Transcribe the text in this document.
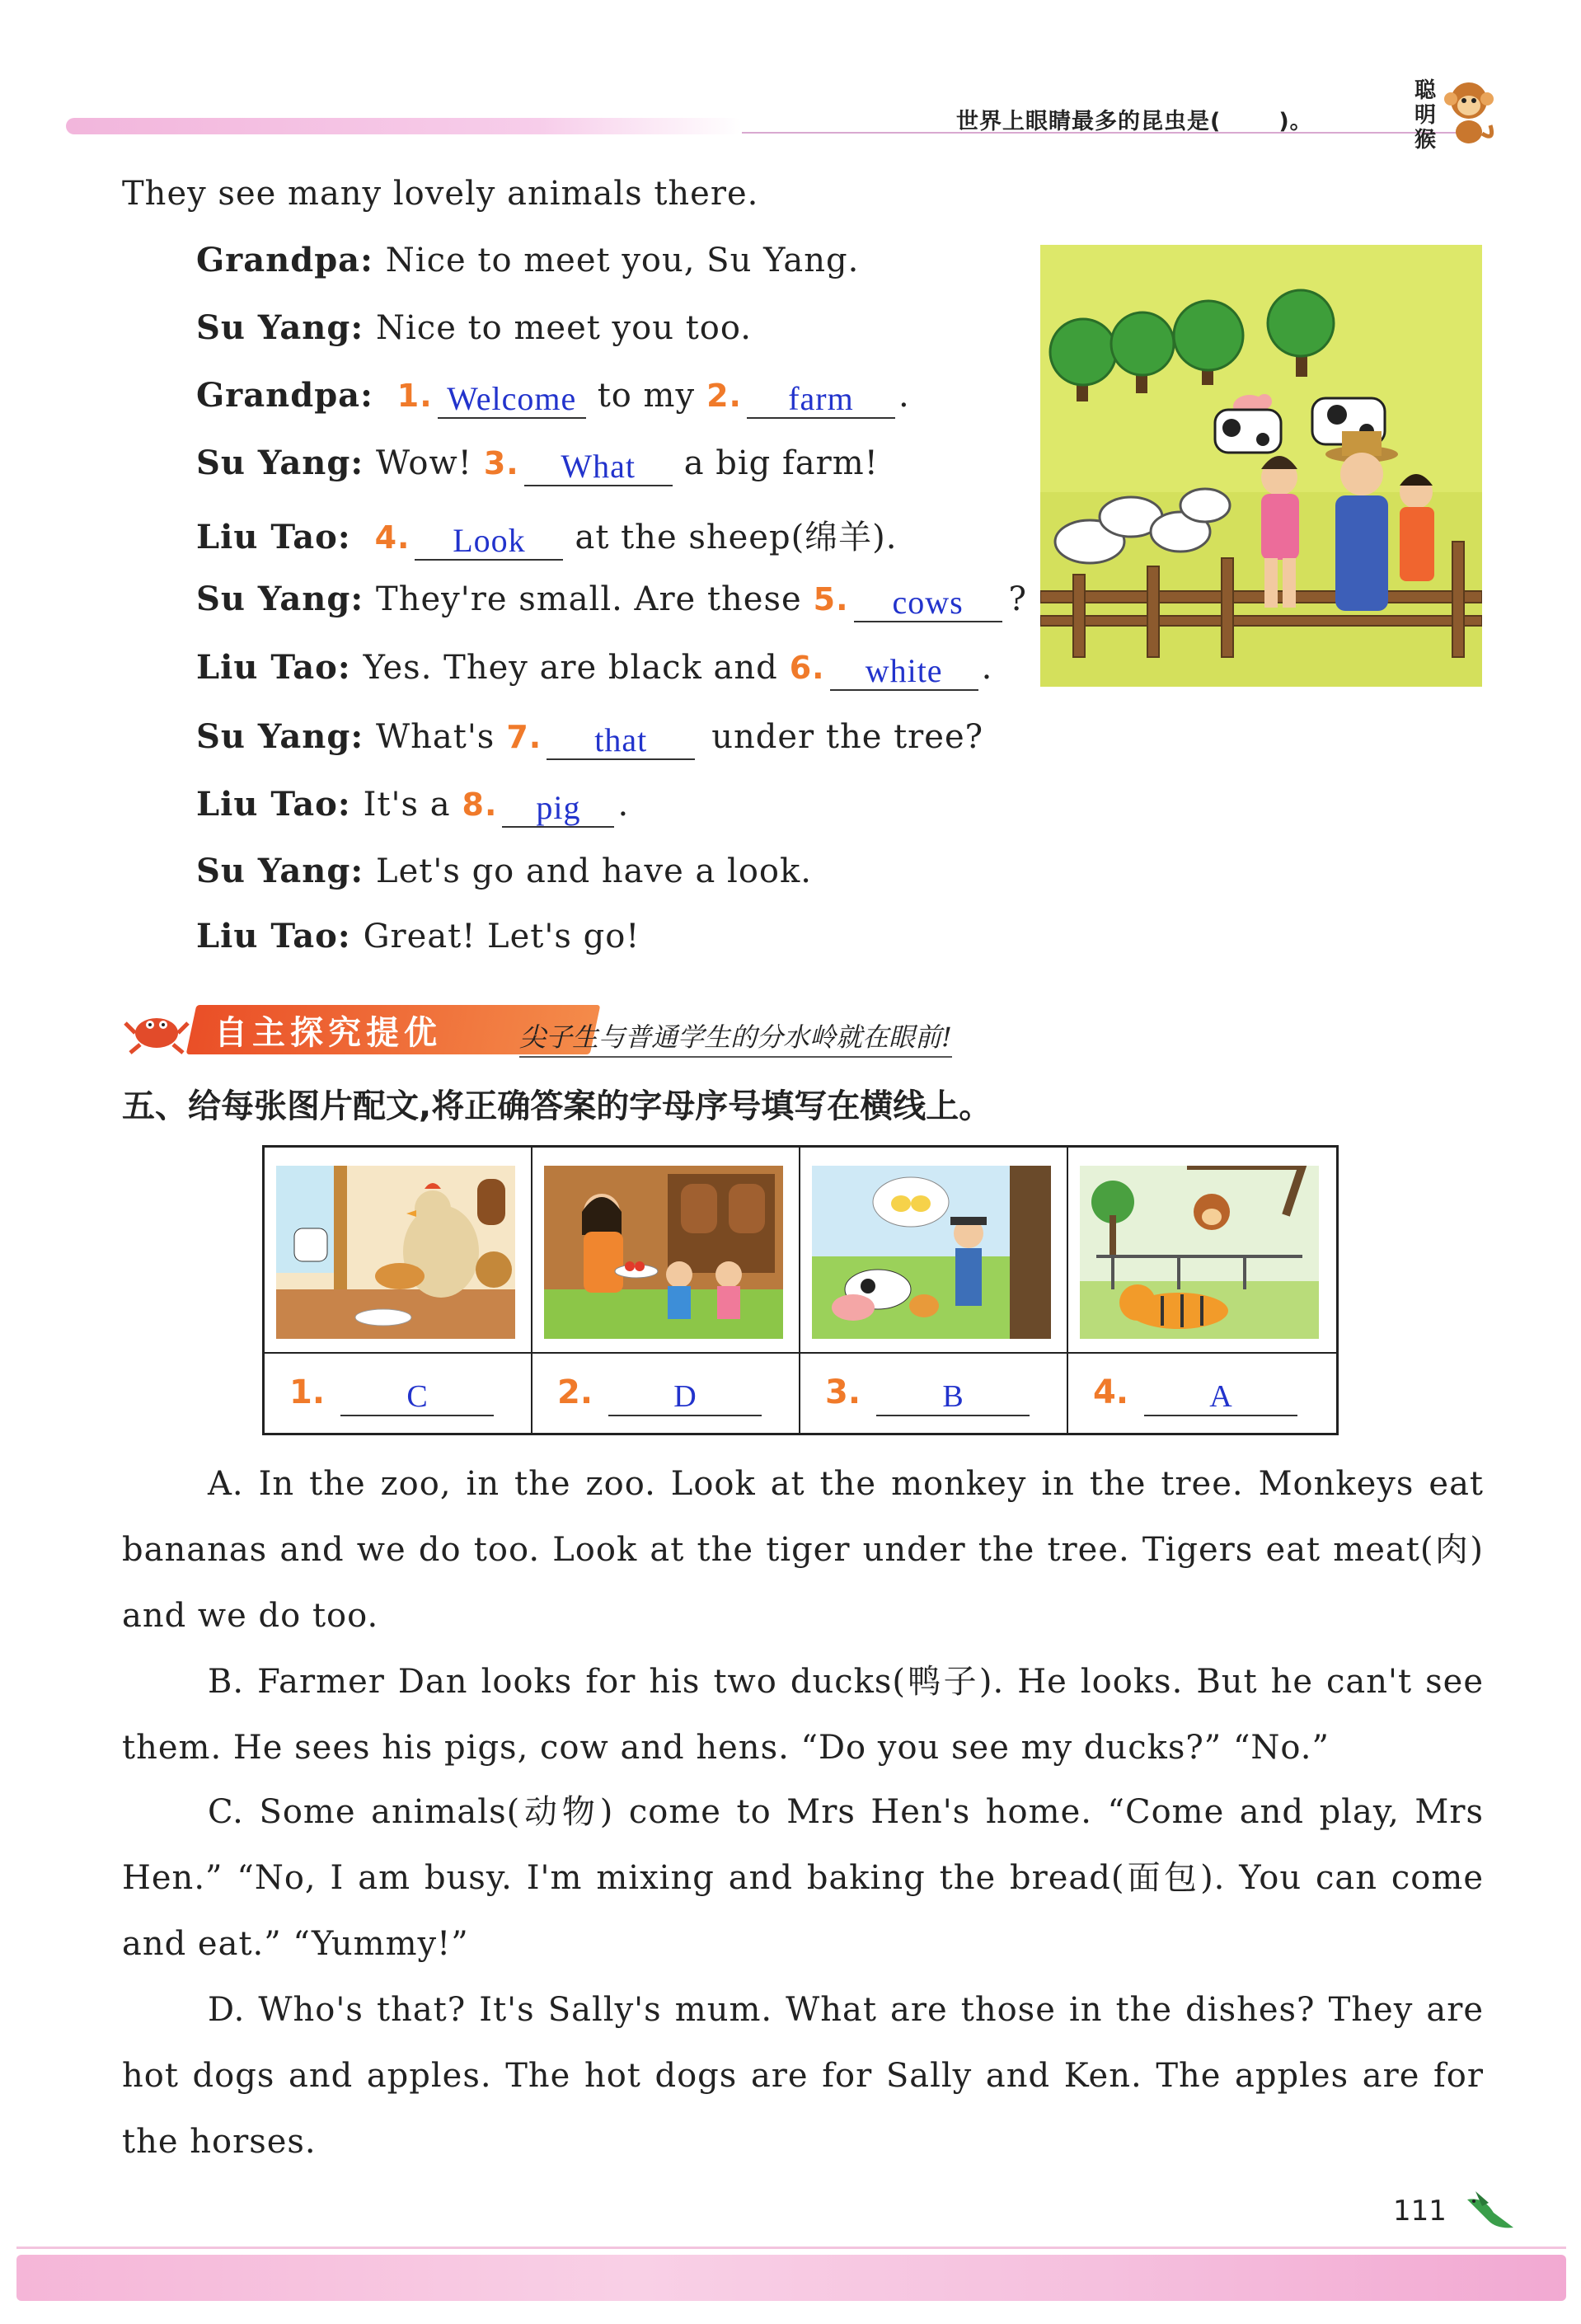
世界上眼睛最多的昆虫是(	)。
聪明猴
They see many lovely animals there.
Grandpa: Nice to meet you, Su Yang.
Su Yang: Nice to meet you too.
Grandpa: 1. Welcome to my 2. farm .
Su Yang: Wow! 3. What a big farm!
Liu Tao: 4. Look at the sheep(绵羊).
Su Yang: They're small. Are these 5. cows ?
Liu Tao: Yes. They are black and 6. white .
Su Yang: What's 7. that under the tree?
Liu Tao: It's a 8. pig .
Su Yang: Let's go and have a look.
Liu Tao: Great! Let's go!
自主探究提优	尖子生与普通学生的分水岭就在眼前!
五、给每张图片配文,将正确答案的字母序号填写在横线上。
1.	C	2.	D	3.	B	4.	A
A. In the zoo, in the zoo. Look at the monkey in the tree. Monkeys eat bananas and we do too. Look at the tiger under the tree. Tigers eat meat(肉) and we do too.
B. Farmer Dan looks for his two ducks(鸭子). He looks. But he can't see them. He sees his pigs, cow and hens. “Do you see my ducks?” “No.”
C. Some animals(动物) come to Mrs Hen's home. “Come and play, Mrs Hen.” “No, I am busy. I'm mixing and baking the bread(面包). You can come and eat.” “Yummy!”
D. Who's that? It's Sally's mum. What are those in the dishes? They are hot dogs and apples. The hot dogs are for Sally and Ken. The apples are for the horses.
111
